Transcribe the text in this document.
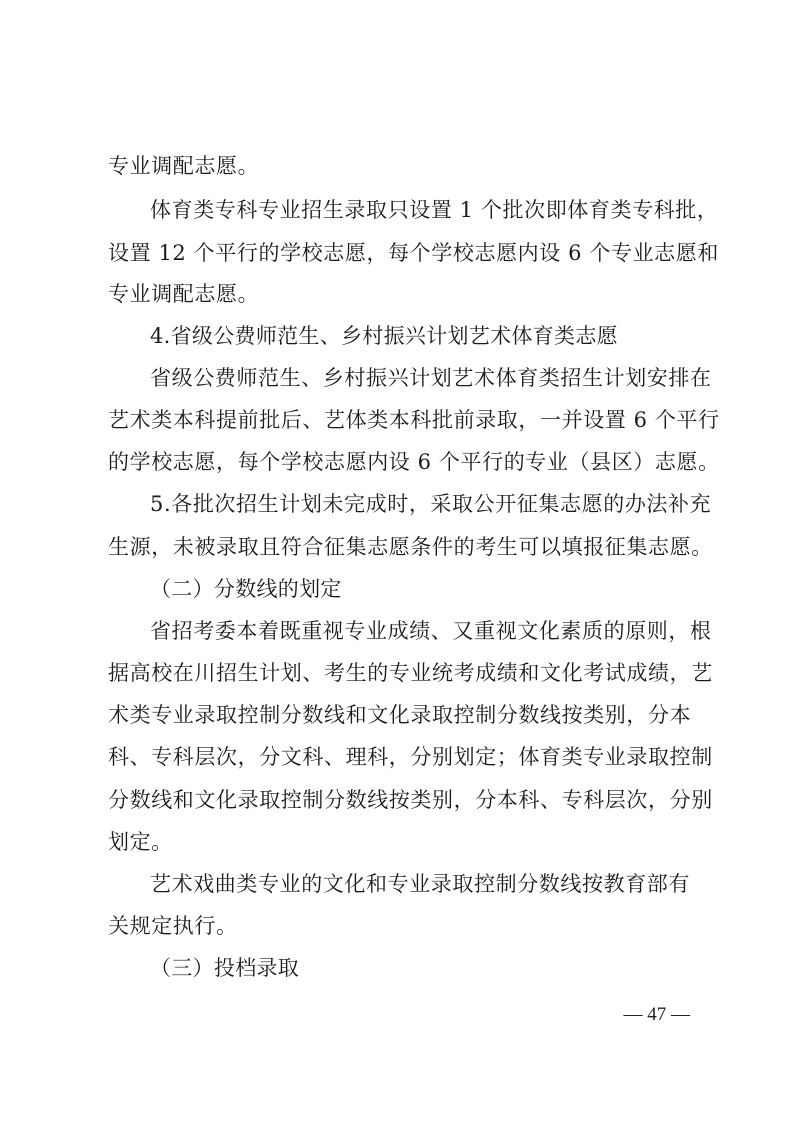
专业调配志愿。
体育类专科专业招生录取只设置 1 个批次即体育类专科批，
设置 12 个平行的学校志愿，每个学校志愿内设 6 个专业志愿和
专业调配志愿。
4.省级公费师范生、乡村振兴计划艺术体育类志愿
省级公费师范生、乡村振兴计划艺术体育类招生计划安排在
艺术类本科提前批后、艺体类本科批前录取，一并设置 6 个平行
的学校志愿，每个学校志愿内设 6 个平行的专业（县区）志愿。
5.各批次招生计划未完成时，采取公开征集志愿的办法补充
生源，未被录取且符合征集志愿条件的考生可以填报征集志愿。
（二）分数线的划定
省招考委本着既重视专业成绩、又重视文化素质的原则，根
据高校在川招生计划、考生的专业统考成绩和文化考试成绩，艺
术类专业录取控制分数线和文化录取控制分数线按类别，分本
科、专科层次，分文科、理科，分别划定；体育类专业录取控制
分数线和文化录取控制分数线按类别，分本科、专科层次，分别
划定。
艺术戏曲类专业的文化和专业录取控制分数线按教育部有
关规定执行。
（三）投档录取
— 47 —
